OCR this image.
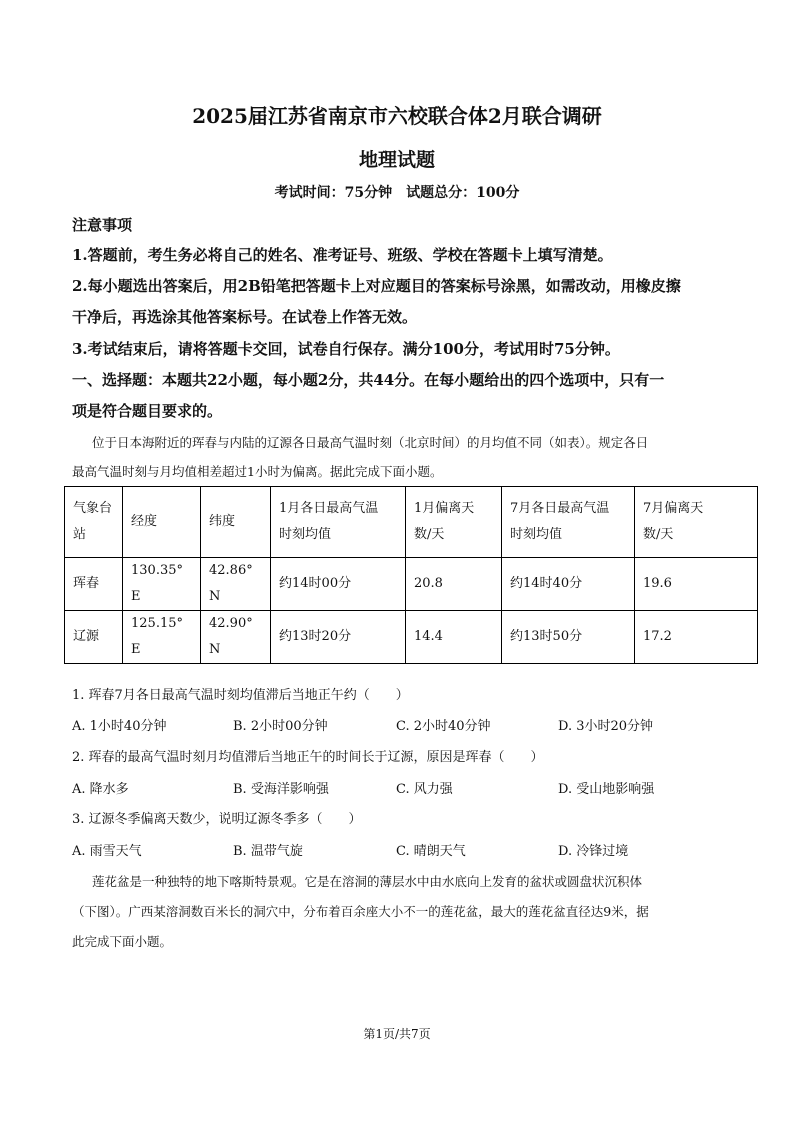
2025届江苏省南京市六校联合体2月联合调研
地理试题
考试时间：75分钟　试题总分：100分
注意事项
1.答题前，考生务必将自己的姓名、准考证号、班级、学校在答题卡上填写清楚。
2.每小题选出答案后，用2B铅笔把答题卡上对应题目的答案标号涂黑，如需改动，用橡皮擦
干净后，再选涂其他答案标号。在试卷上作答无效。
3.考试结束后，请将答题卡交回，试卷自行保存。满分100分，考试用时75分钟。
一、选择题：本题共22小题，每小题2分，共44分。在每小题给出的四个选项中，只有一
项是符合题目要求的。
位于日本海附近的珲春与内陆的辽源各日最高气温时刻（北京时间）的月均值不同（如表）。规定各日
最高气温时刻与月均值相差超过1小时为偏离。据此完成下面小题。
气象台
站	经度	纬度	1月各日最高气温
时刻均值	1月偏离天
数/天	7月各日最高气温
时刻均值	7月偏离天
数/天
珲春	130.35° E	42.86° N	约14时00分	20.8	约14时40分	19.6
辽源	125.15° E	42.90° N	约13时20分	14.4	约13时50分	17.2
1. 珲春7月各日最高气温时刻均值滞后当地正午约（　　）
A. 1小时40分钟	B. 2小时00分钟	C. 2小时40分钟	D. 3小时20分钟
2. 珲春的最高气温时刻月均值滞后当地正午的时间长于辽源，原因是珲春（　　）
A. 降水多	B. 受海洋影响强	C. 风力强	D. 受山地影响强
3. 辽源冬季偏离天数少，说明辽源冬季多（　　）
A. 雨雪天气	B. 温带气旋	C. 晴朗天气	D. 冷锋过境
莲花盆是一种独特的地下喀斯特景观。它是在溶洞的薄层水中由水底向上发育的盆状或圆盘状沉积体
（下图）。广西某溶洞数百米长的洞穴中，分布着百余座大小不一的莲花盆，最大的莲花盆直径达9米，据
此完成下面小题。
第1页/共7页
